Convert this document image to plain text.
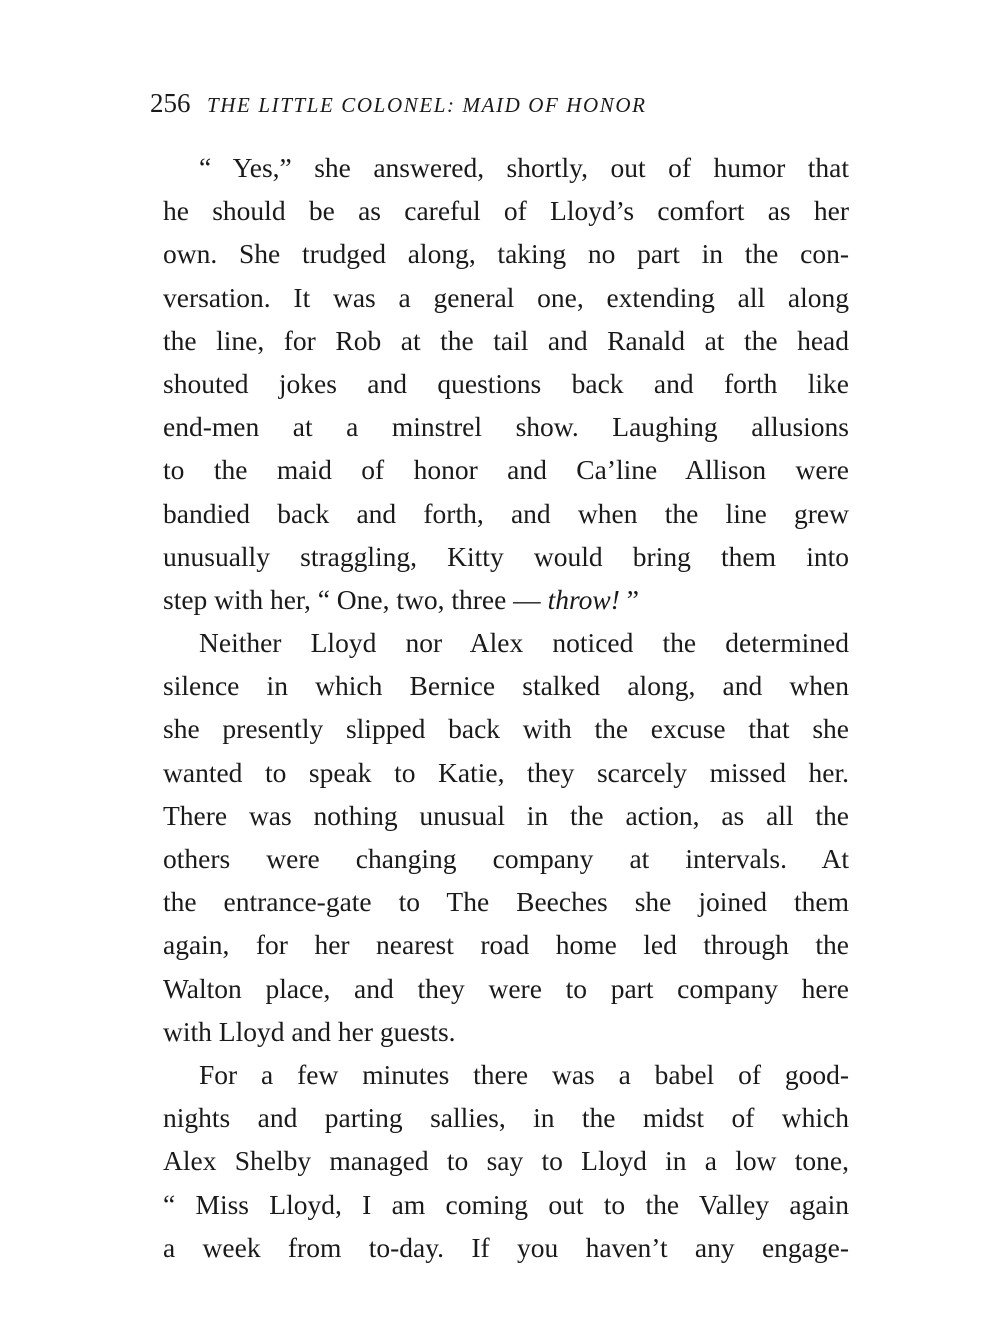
256 THE LITTLE COLONEL: MAID OF HONOR

“ Yes,” she answered, shortly, out of humor that
he should be as careful of Lloyd’s comfort as her
own. She trudged along, taking no part in the con-
versation. It was a general one, extending all along
the line, for Rob at the tail and Ranald at the head
shouted jokes and questions back and forth like
end-men at a minstrel show. Laughing allusions
to the maid of honor and Ca’line Allison were
bandied back and forth, and when the line grew
unusually straggling, Kitty would bring them into
step with her, “ One, two, three — throw! ”

Neither Lloyd nor Alex noticed the determined
silence in which Bernice stalked along, and when
she presently slipped back with the excuse that she
wanted to speak to Katie, they scarcely missed her.
There was nothing unusual in the action, as all the
others were changing company at intervals. At
the entrance-gate to The Beeches she joined them
again, for her nearest road home led through the
Walton place, and they were to part company here
with Lloyd and her guests.

For a few minutes there was a babel of good-
nights and parting sallies, in the midst of which
Alex Shelby managed to say to Lloyd in a low tone,
“ Miss Lloyd, I am coming out to the Valley again
a week from to-day. If you haven’t any engage-
